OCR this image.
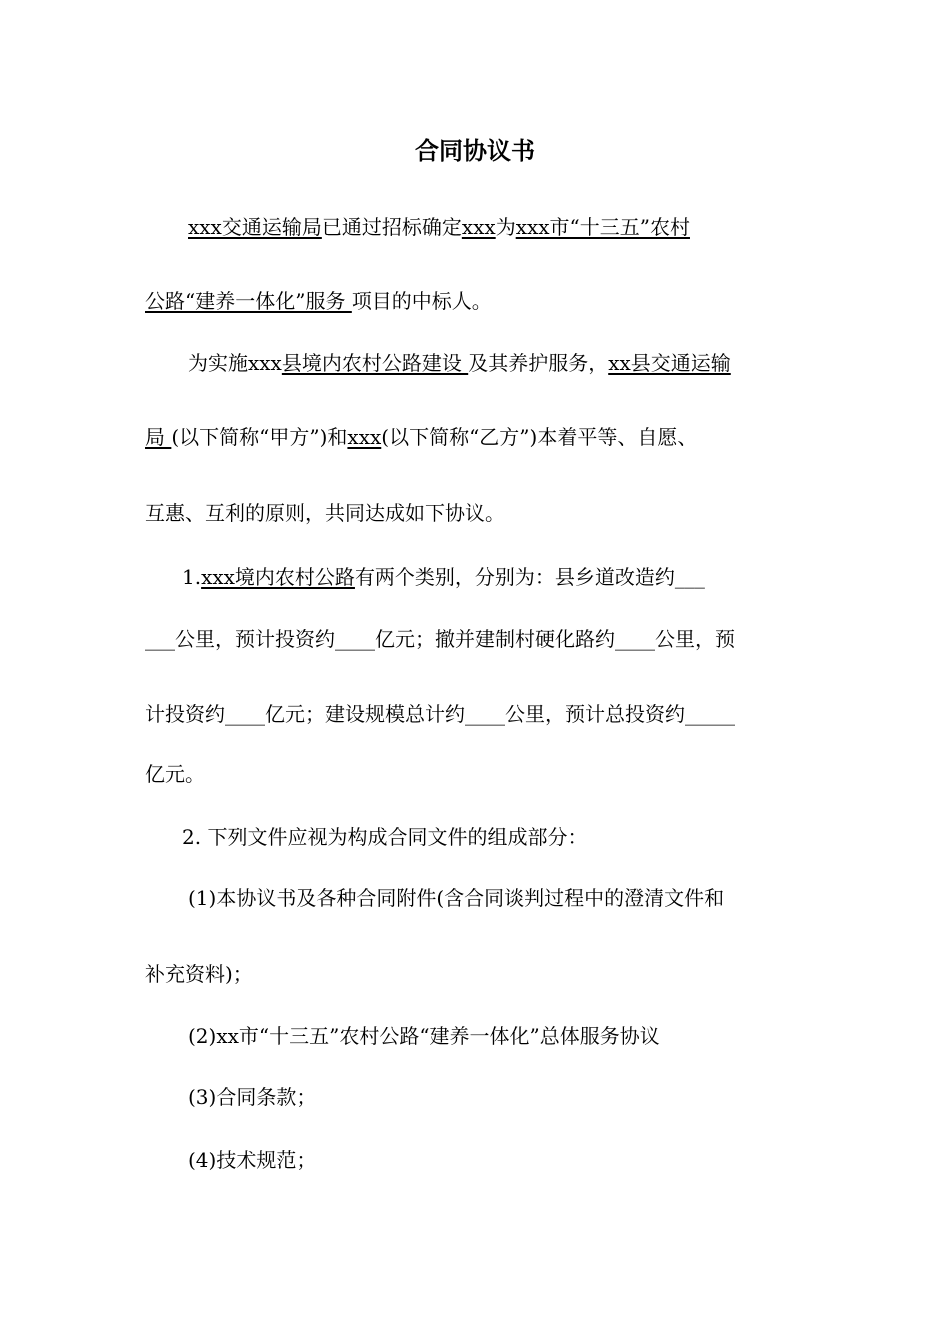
合同协议书
xxx交通运输局已通过招标确定xxx为xxx市“十三五”农村
公路“建养一体化”服务 项目的中标人。
为实施xxx县境内农村公路建设 及其养护服务，xx县交通运输
局 (以下简称“甲方”)和xxx(以下简称“乙方”)本着平等、自愿、
互惠、互利的原则，共同达成如下协议。
1.xxx境内农村公路有两个类别，分别为：县乡道改造约___
___公里，预计投资约____亿元；撤并建制村硬化路约____公里，预
计投资约____亿元；建设规模总计约____公里，预计总投资约_____
亿元。
2. 下列文件应视为构成合同文件的组成部分：
(1)本协议书及各种合同附件(含合同谈判过程中的澄清文件和
补充资料)；
(2)xx市“十三五”农村公路“建养一体化”总体服务协议
(3)合同条款；
(4)技术规范；
